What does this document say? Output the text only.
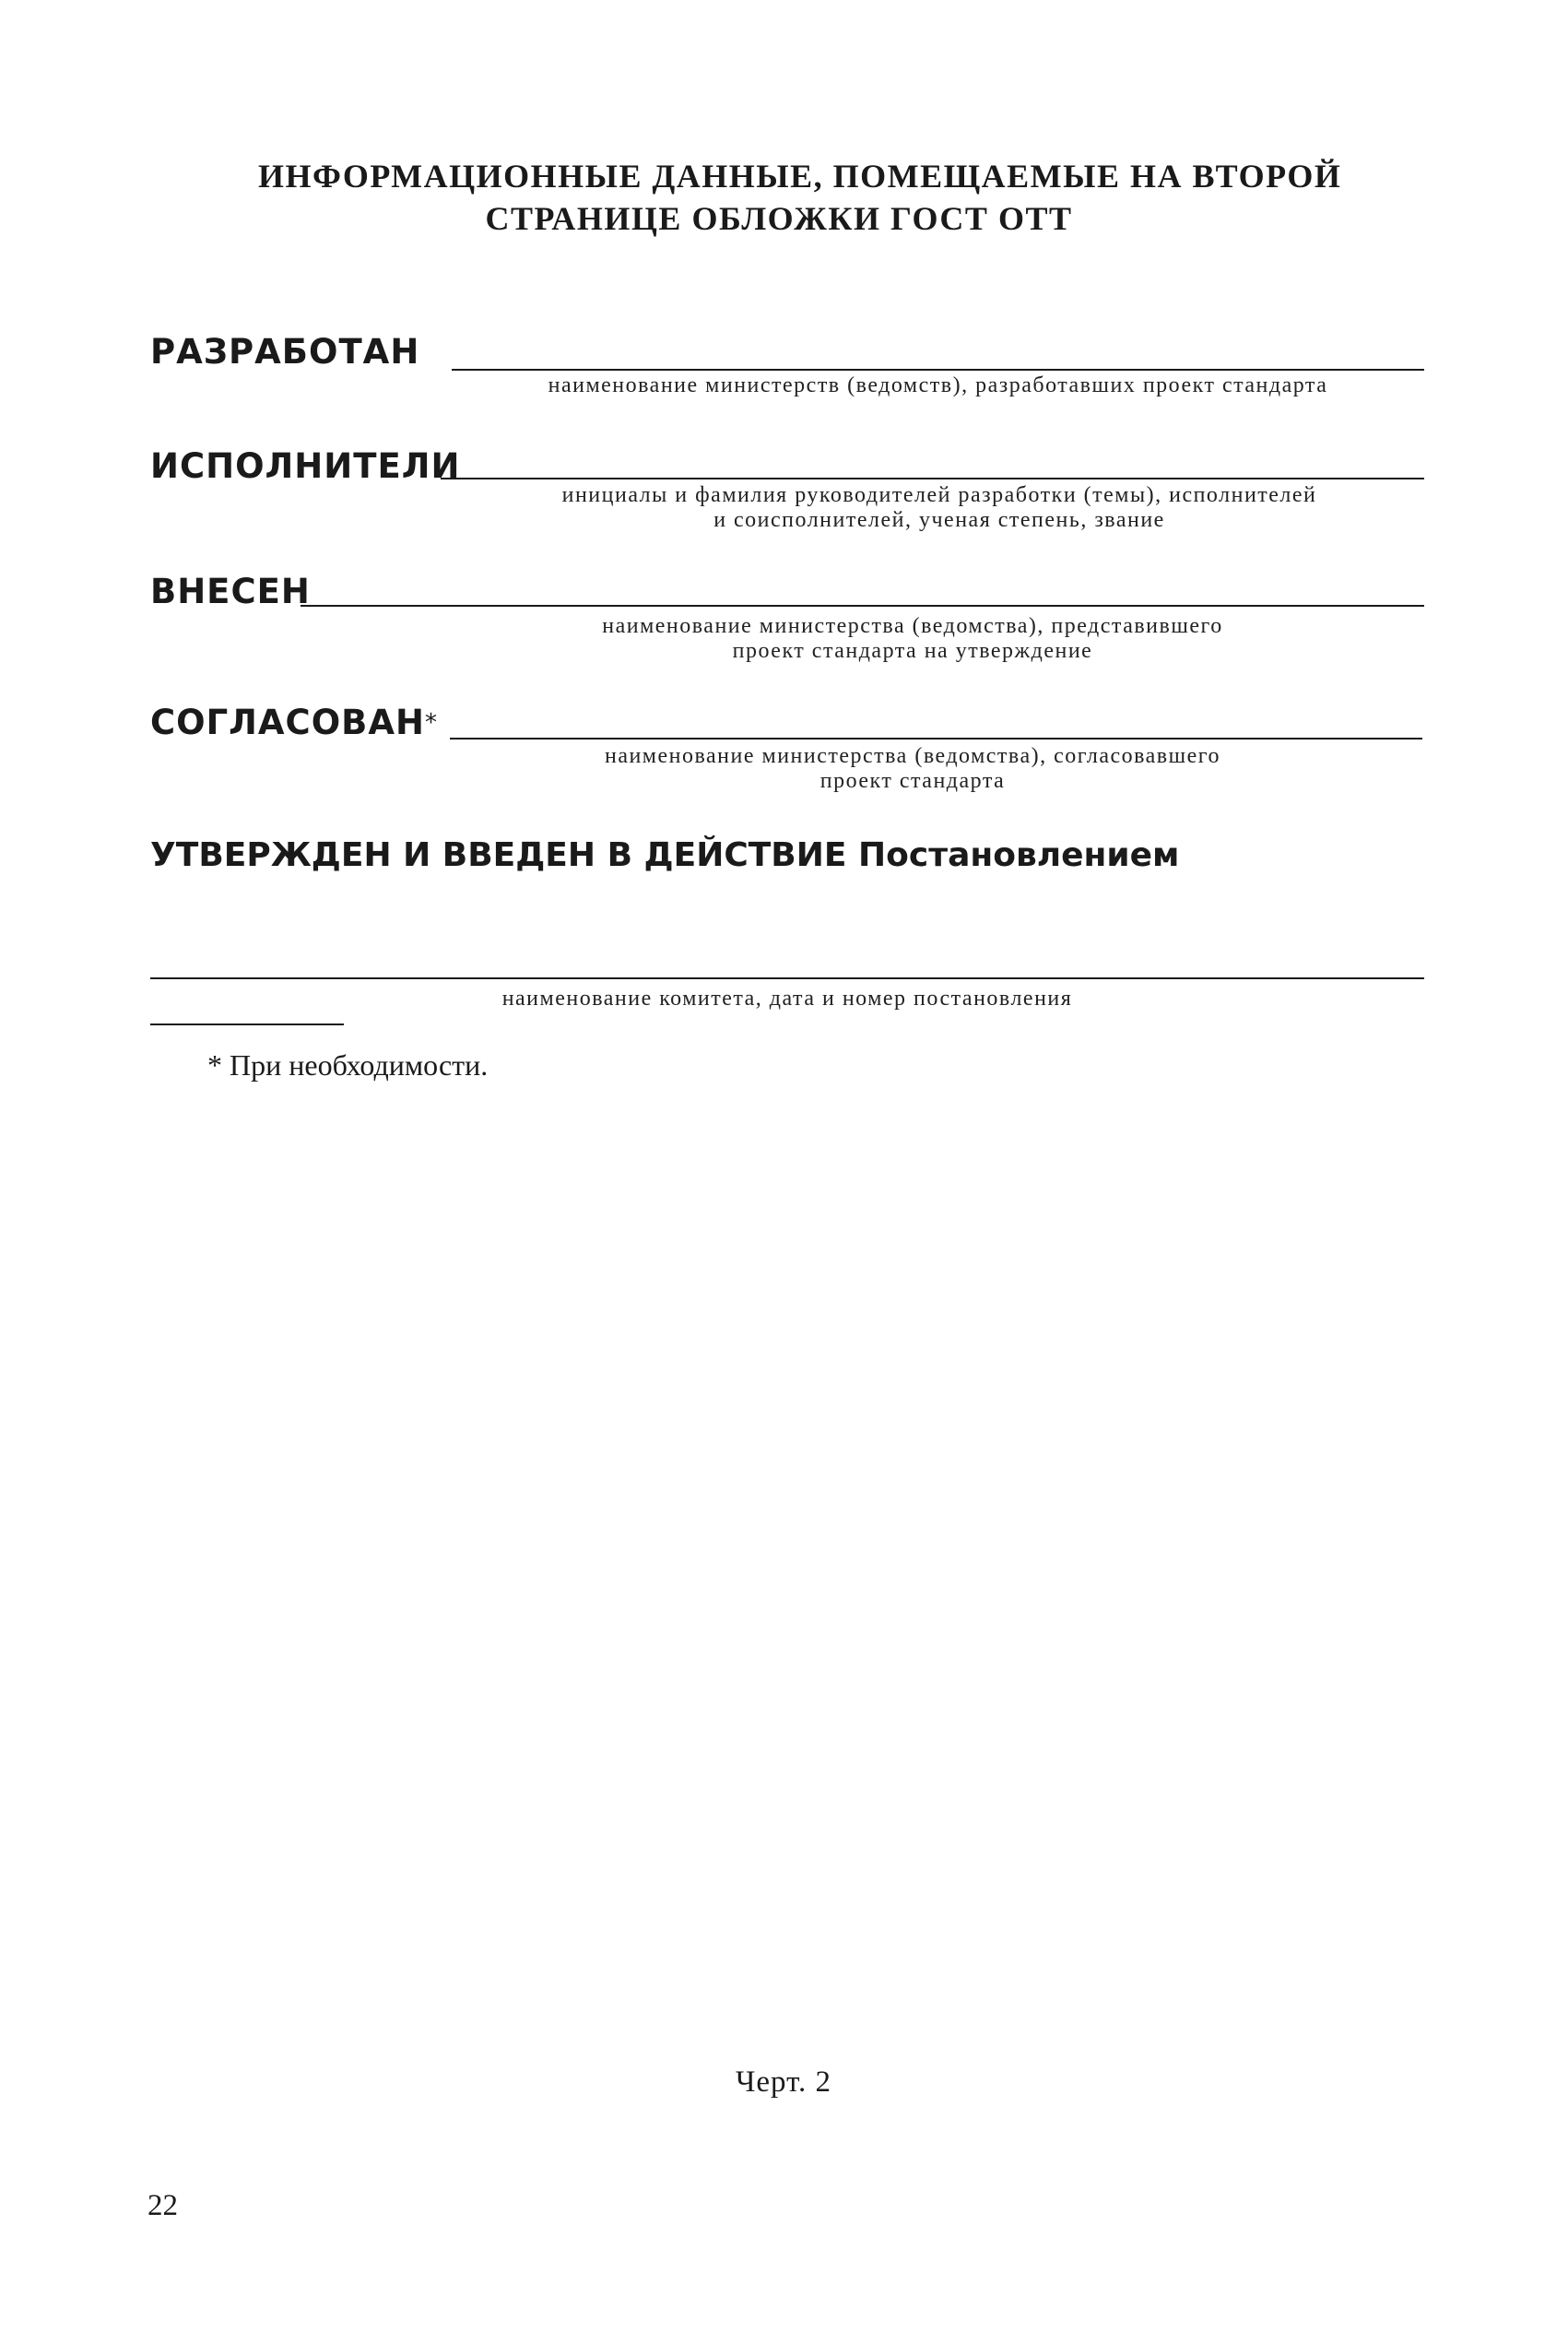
ИНФОРМАЦИОННЫЕ ДАННЫЕ, ПОМЕЩАЕМЫЕ НА ВТОРОЙ
СТРАНИЦЕ ОБЛОЖКИ ГОСТ ОТТ
РАЗРАБОТАН
наименование министерств (ведомств), разработавших проект стандарта
ИСПОЛНИТЕЛИ
инициалы и фамилия руководителей разработки (темы), исполнителей
и соисполнителей, ученая степень, звание
ВНЕСЕН
наименование министерства (ведомства), представившего
проект стандарта на утверждение
СОГЛАСОВАН*
наименование министерства (ведомства), согласовавшего
проект стандарта
УТВЕРЖДЕН И ВВЕДЕН В ДЕЙСТВИЕ Постановлением
наименование комитета, дата и номер постановления
* При необходимости.
Черт. 2
22
